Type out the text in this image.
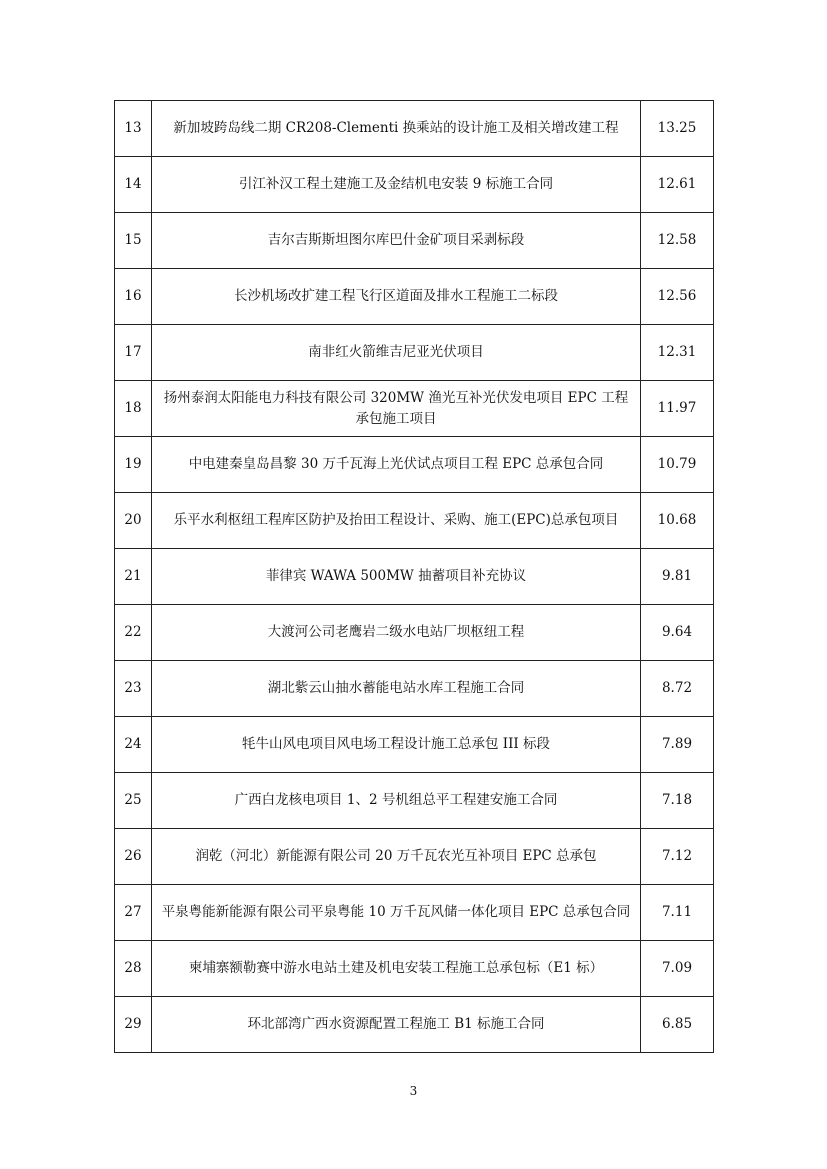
13	新加坡跨岛线二期 CR208-Clementi 换乘站的设计施工及相关增改建工程	13.25
14	引江补汉工程土建施工及金结机电安装 9 标施工合同	12.61
15	吉尔吉斯斯坦图尔库巴什金矿项目采剥标段	12.58
16	长沙机场改扩建工程飞行区道面及排水工程施工二标段	12.56
17	南非红火箭维吉尼亚光伏项目	12.31
18	扬州泰润太阳能电力科技有限公司 320MW 渔光互补光伏发电项目 EPC 工程承包施工项目	11.97
19	中电建秦皇岛昌黎 30 万千瓦海上光伏试点项目工程 EPC 总承包合同	10.79
20	乐平水利枢纽工程库区防护及抬田工程设计、采购、施工(EPC)总承包项目	10.68
21	菲律宾 WAWA 500MW 抽蓄项目补充协议	9.81
22	大渡河公司老鹰岩二级水电站厂坝枢纽工程	9.64
23	湖北紫云山抽水蓄能电站水库工程施工合同	8.72
24	牦牛山风电项目风电场工程设计施工总承包 III 标段	7.89
25	广西白龙核电项目 1、2 号机组总平工程建安施工合同	7.18
26	润乾（河北）新能源有限公司 20 万千瓦农光互补项目 EPC 总承包	7.12
27	平泉粤能新能源有限公司平泉粤能 10 万千瓦风储一体化项目 EPC 总承包合同	7.11
28	柬埔寨额勒赛中游水电站土建及机电安装工程施工总承包标（E1 标）	7.09
29	环北部湾广西水资源配置工程施工 B1 标施工合同	6.85
3
